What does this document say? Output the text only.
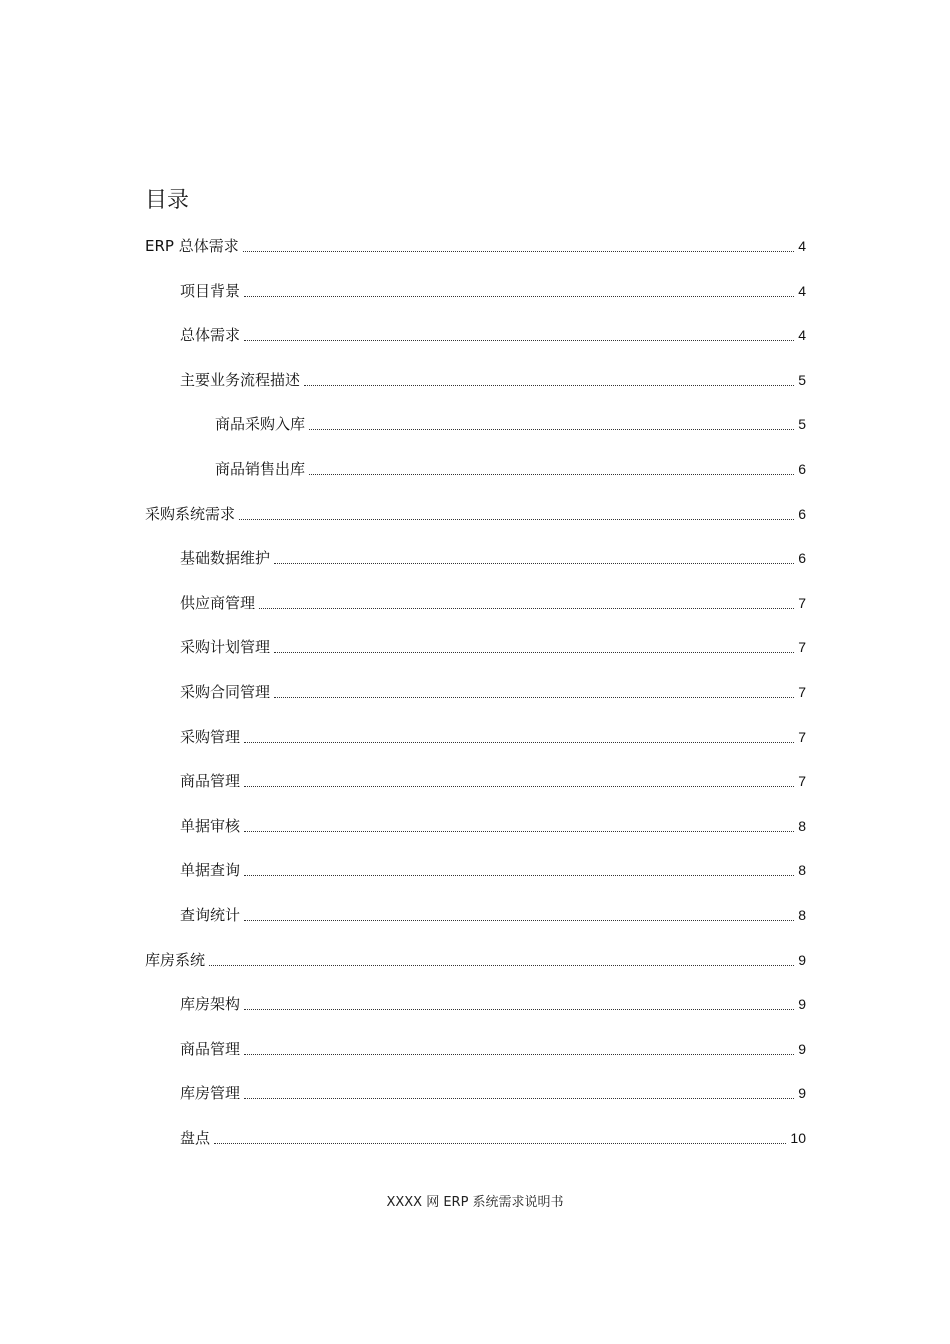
目录
ERP 总体需求	4
项目背景	4
总体需求	4
主要业务流程描述	5
商品采购入库	5
商品销售出库	6
采购系统需求	6
基础数据维护	6
供应商管理	7
采购计划管理	7
采购合同管理	7
采购管理	7
商品管理	7
单据审核	8
单据查询	8
查询统计	8
库房系统	9
库房架构	9
商品管理	9
库房管理	9
盘点	10
XXXX 网 ERP 系统需求说明书
